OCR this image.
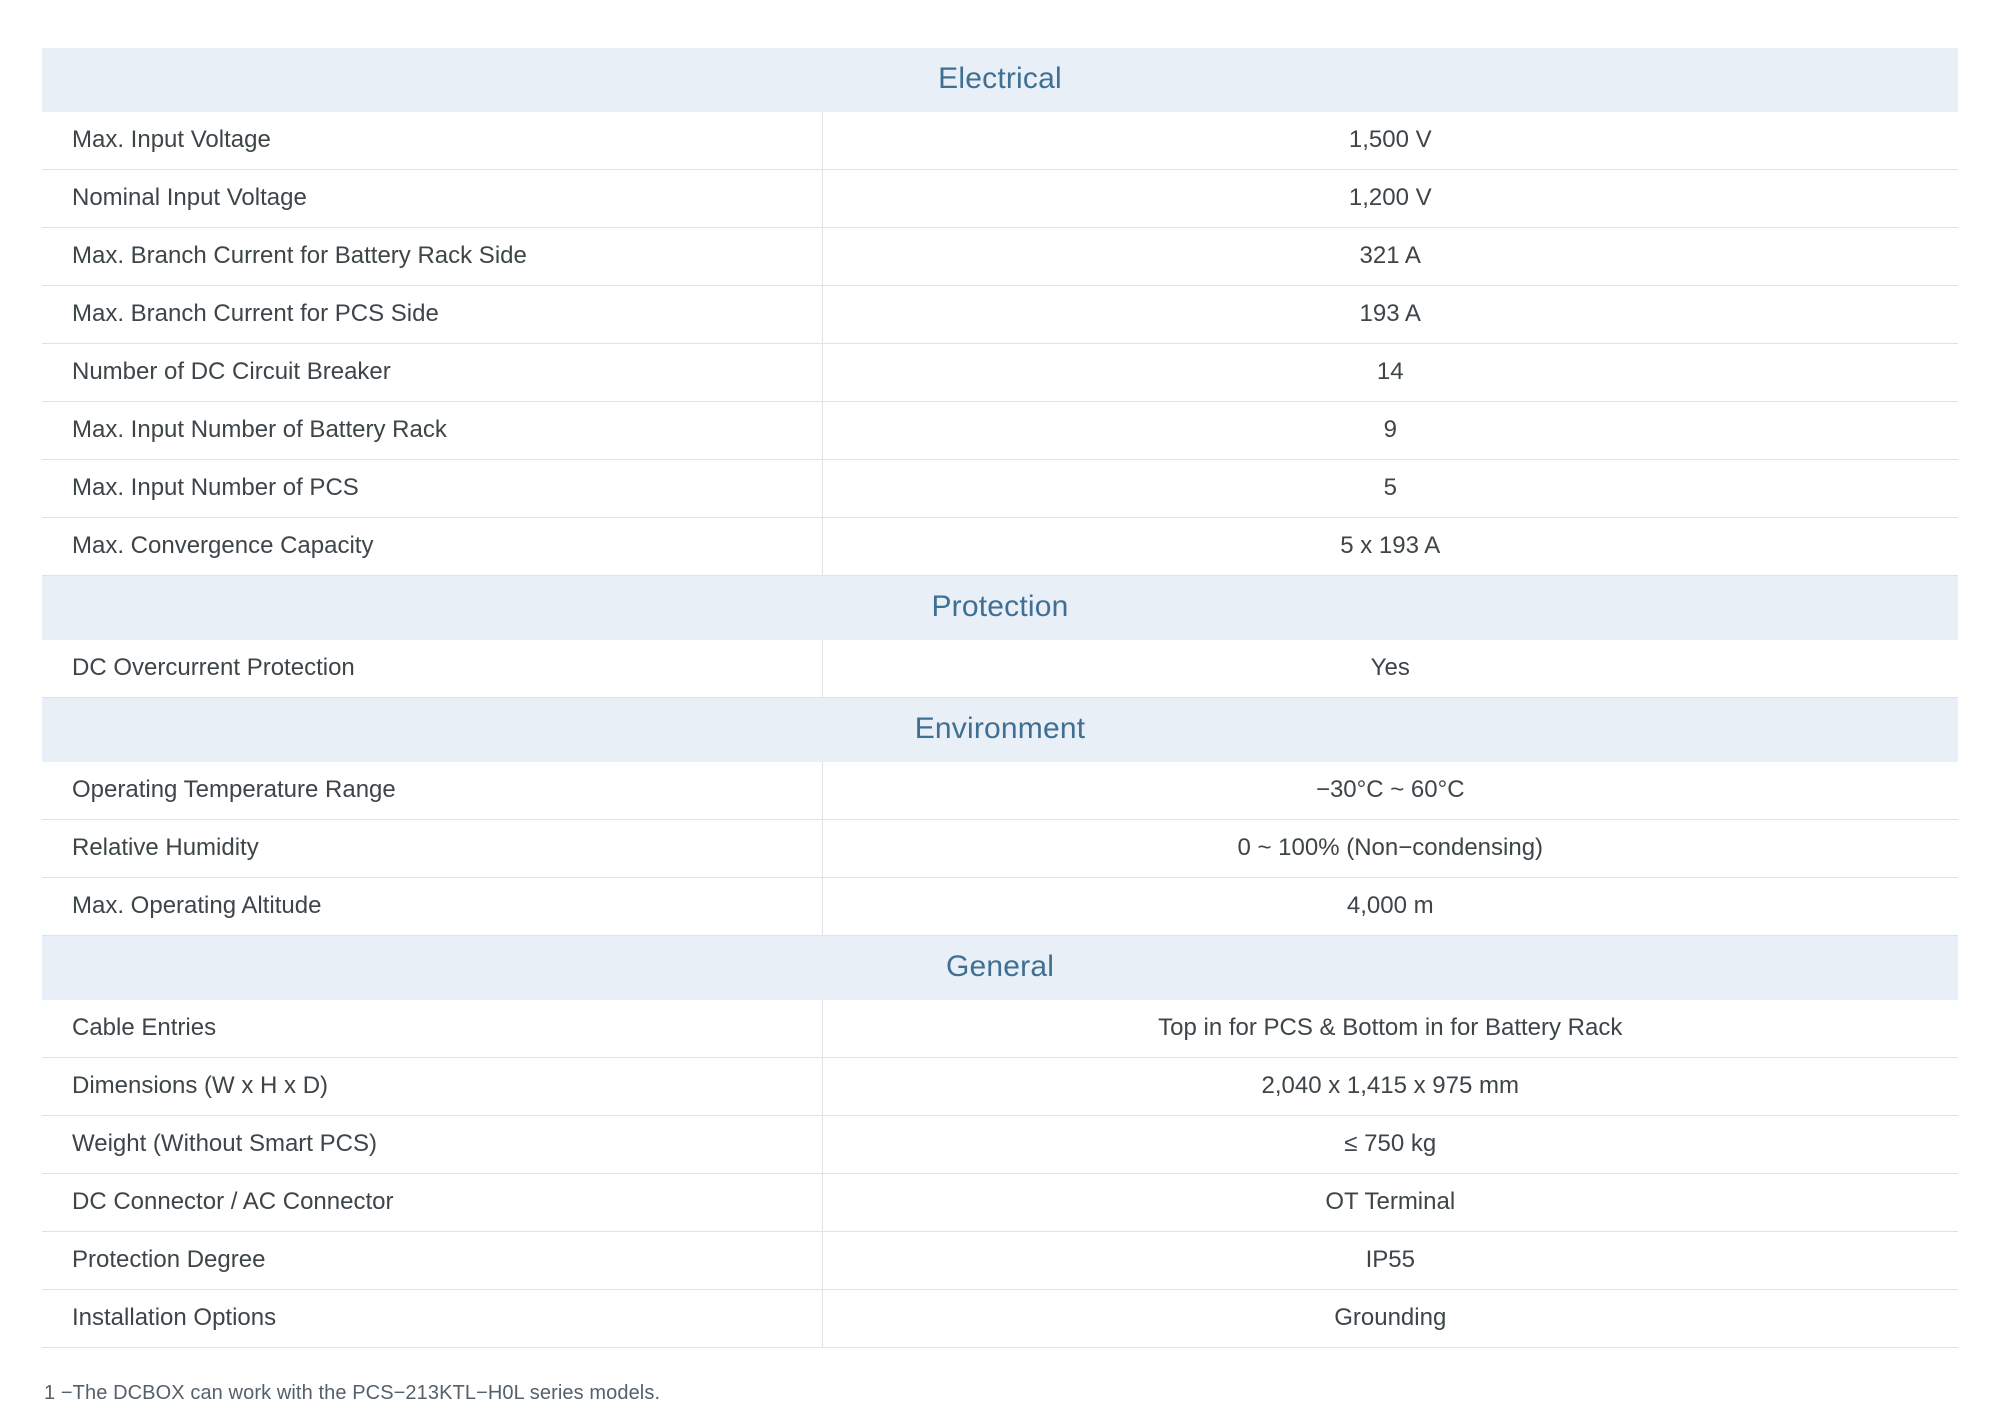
Electrical	
Max. Input Voltage	1,500 V
Nominal Input Voltage	1,200 V
Max. Branch Current for Battery Rack Side	321 A
Max. Branch Current for PCS Side	193 A
Number of DC Circuit Breaker	14
Max. Input Number of Battery Rack	9
Max. Input Number of PCS	5
Max. Convergence Capacity	5 x 193 A
Protection	
DC Overcurrent Protection	Yes
Environment	
Operating Temperature Range	−30°C ~ 60°C
Relative Humidity	0 ~ 100% (Non−condensing)
Max. Operating Altitude	4,000 m
General	
Cable Entries	Top in for PCS & Bottom in for Battery Rack
Dimensions (W x H x D)	2,040 x 1,415 x 975 mm
Weight (Without Smart PCS)	≤ 750 kg
DC Connector / AC Connector	OT Terminal
Protection Degree	IP55
Installation Options	Grounding
1 −The DCBOX can work with the PCS−213KTL−H0L series models.
